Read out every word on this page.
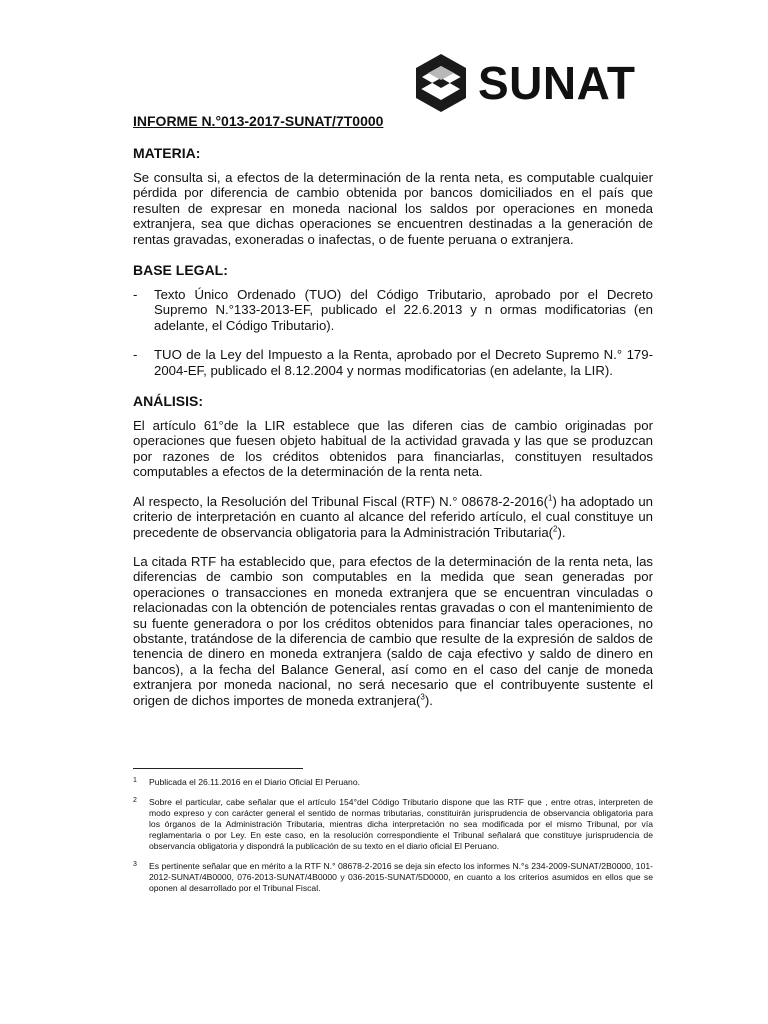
SUNAT

INFORME N.°013-2017-SUNAT/7T0000

MATERIA:

Se consulta si, a efectos de la determinación de la renta neta, es computable cualquier pérdida por diferencia de cambio obtenida por bancos domiciliados en el país que resulten de expresar en moneda nacional los saldos por operaciones en moneda extranjera, sea que dichas operaciones se encuentren destinadas a la generación de rentas gravadas, exoneradas o inafectas, o de fuente peruana o extranjera.

BASE LEGAL:
-	Texto Único Ordenado (TUO) del Código Tributario, aprobado por el Decreto Supremo N.°133-2013-EF, publicado el 22.6.2013 y n ormas modificatorias (en adelante, el Código Tributario).
-	TUO de la Ley del Impuesto a la Renta, aprobado por el Decreto Supremo N.° 179-2004-EF, publicado el 8.12.2004 y normas modificatorias (en adelante, la LIR).
ANÁLISIS:

El artículo 61°de la LIR establece que las diferen cias de cambio originadas por operaciones que fuesen objeto habitual de la actividad gravada y las que se produzcan por razones de los créditos obtenidos para financiarlas, constituyen resultados computables a efectos de la determinación de la renta neta.

Al respecto, la Resolución del Tribunal Fiscal (RTF) N.° 08678-2-2016($^1$) ha adoptado un criterio de interpretación en cuanto al alcance del referido artículo, el cual constituye un precedente de observancia obligatoria para la Administración Tributaria($^2$).

La citada RTF ha establecido que, para efectos de la determinación de la renta neta, las diferencias de cambio son computables en la medida que sean generadas por operaciones o transacciones en moneda extranjera que se encuentran vinculadas o relacionadas con la obtención de potenciales rentas gravadas o con el mantenimiento de su fuente generadora o por los créditos obtenidos para financiar tales operaciones, no obstante, tratándose de la diferencia de cambio que resulte de la expresión de saldos de tenencia de dinero en moneda extranjera (saldo de caja efectivo y saldo de dinero en bancos), a la fecha del Balance General, así como en el caso del canje de moneda extranjera por moneda nacional, no será necesario que el contribuyente sustente el origen de dichos importes de moneda extranjera($^3$).

1	Publicada el 26.11.2016 en el Diario Oficial El Peruano.
2	Sobre el particular, cabe señalar que el artículo 154°del Código Tributario dispone que las RTF que , entre otras, interpreten de modo expreso y con carácter general el sentido de normas tributarias, constituirán jurisprudencia de observancia obligatoria para los órganos de la Administración Tributaria, mientras dicha interpretación no sea modificada por el mismo Tribunal, por vía reglamentaria o por Ley. En este caso, en la resolución correspondiente el Tribunal señalará que constituye jurisprudencia de observancia obligatoria y dispondrá la publicación de su texto en el diario oficial El Peruano.
3	Es pertinente señalar que en mérito a la RTF N.° 08678-2-2016 se deja sin efecto los informes N.°s 234-2009-SUNAT/2B0000, 101-2012-SUNAT/4B0000, 076-2013-SUNAT/4B0000 y 036-2015-SUNAT/5D0000, en cuanto a los criterios asumidos en ellos que se oponen al desarrollado por el Tribunal Fiscal.
